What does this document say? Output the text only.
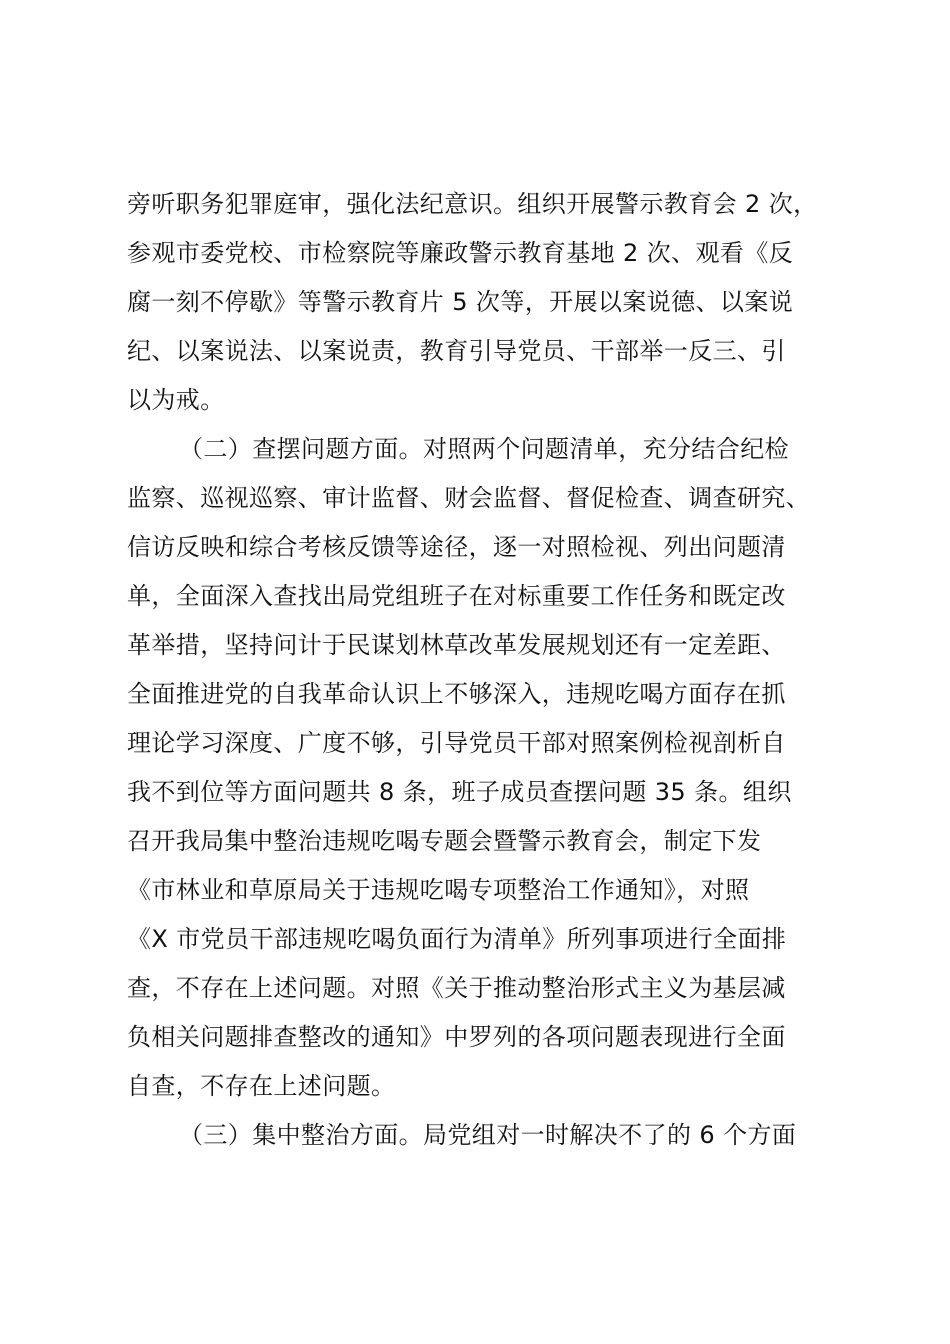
旁听职务犯罪庭审，强化法纪意识。组织开展警示教育会 2 次，
参观市委党校、市检察院等廉政警示教育基地 2 次、观看《反
腐一刻不停歇》等警示教育片 5 次等，开展以案说德、以案说
纪、以案说法、以案说责，教育引导党员、干部举一反三、引
以为戒。
（二）查摆问题方面。对照两个问题清单，充分结合纪检
监察、巡视巡察、审计监督、财会监督、督促检查、调查研究、
信访反映和综合考核反馈等途径，逐一对照检视、列出问题清
单，全面深入查找出局党组班子在对标重要工作任务和既定改
革举措，坚持问计于民谋划林草改革发展规划还有一定差距、
全面推进党的自我革命认识上不够深入，违规吃喝方面存在抓
理论学习深度、广度不够，引导党员干部对照案例检视剖析自
我不到位等方面问题共 8 条，班子成员查摆问题 35 条。组织
召开我局集中整治违规吃喝专题会暨警示教育会，制定下发
《市林业和草原局关于违规吃喝专项整治工作通知》，对照
《X 市党员干部违规吃喝负面行为清单》所列事项进行全面排
查，不存在上述问题。对照《关于推动整治形式主义为基层减
负相关问题排查整改的通知》中罗列的各项问题表现进行全面
自查，不存在上述问题。
（三）集中整治方面。局党组对一时解决不了的 6 个方面
